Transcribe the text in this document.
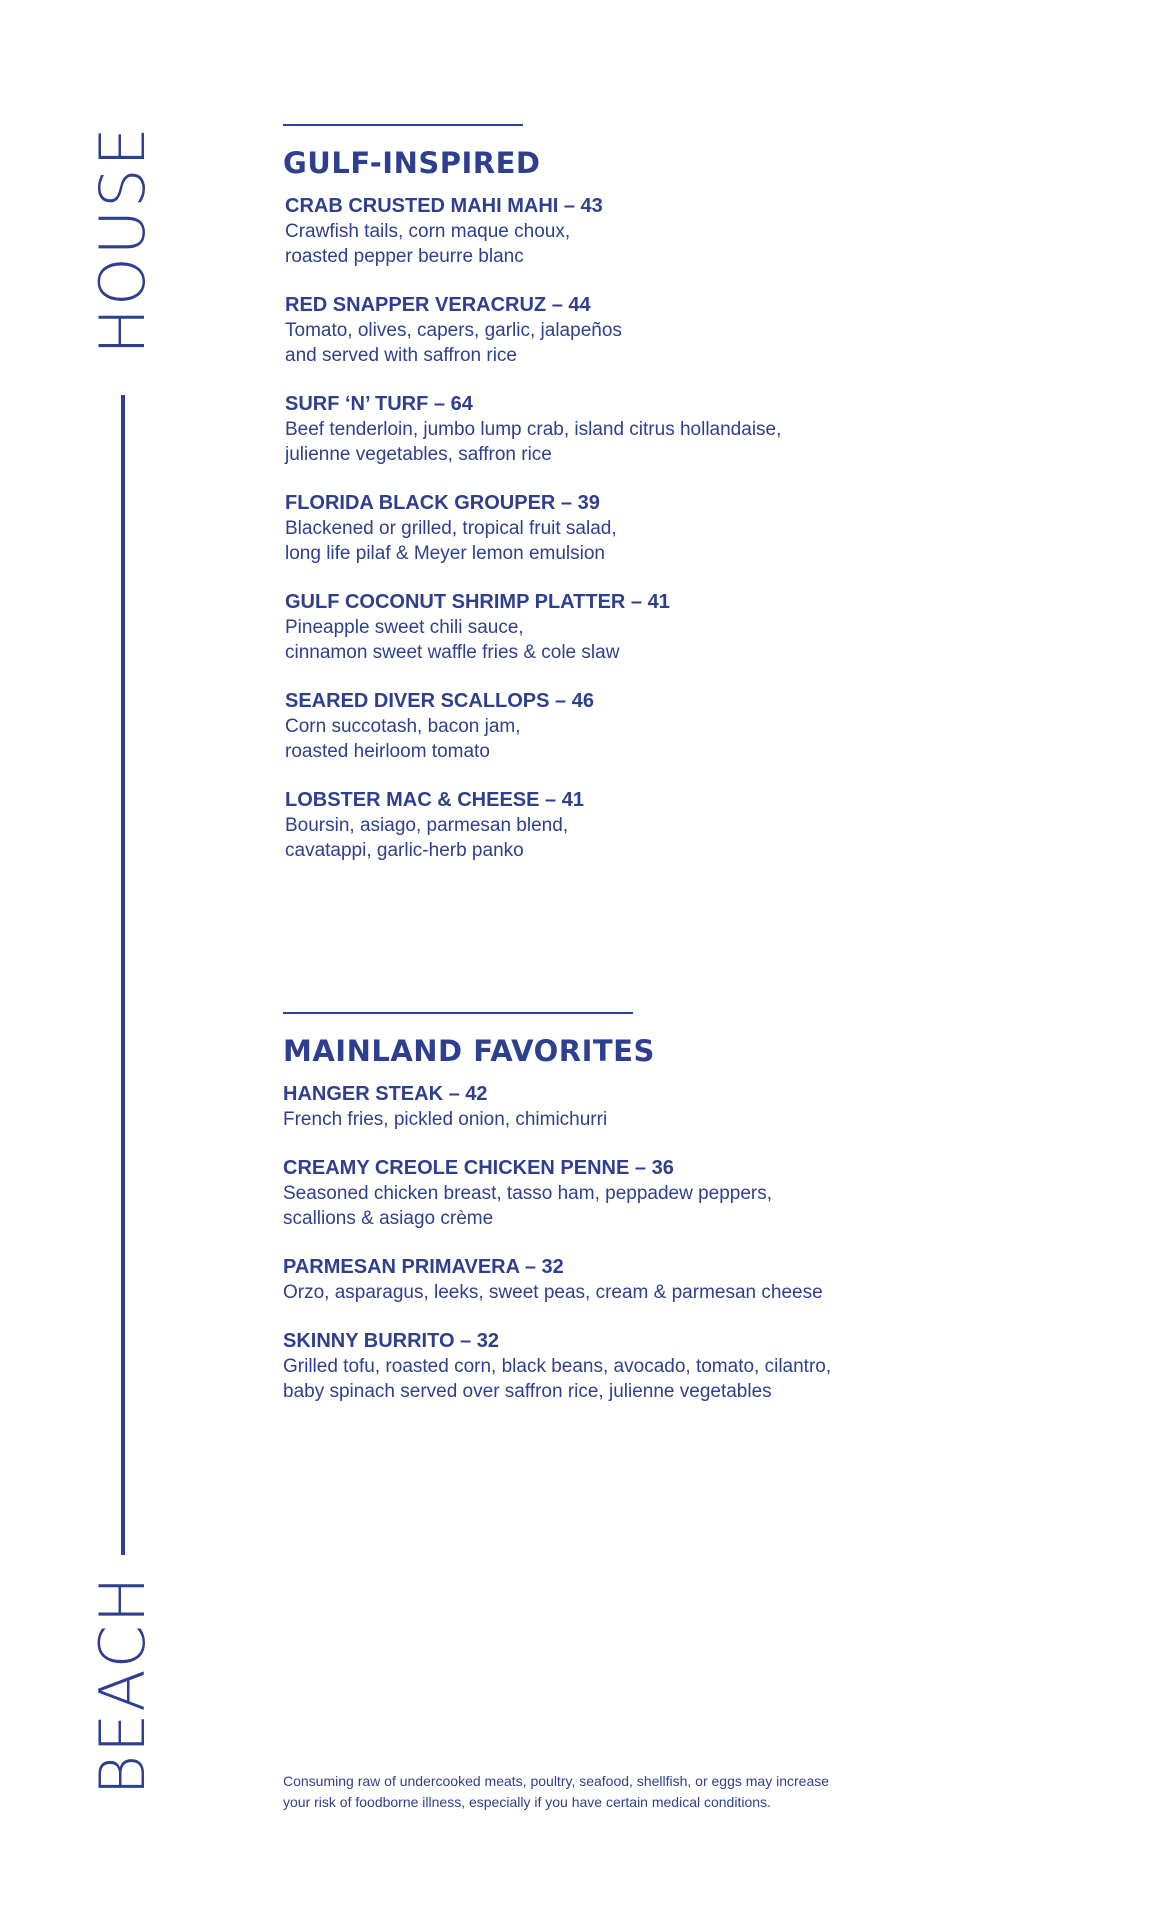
HOUSE
BEACH
GULF-INSPIRED
CRAB CRUSTED MAHI MAHI – 43
Crawfish tails, corn maque choux,
roasted pepper beurre blanc
RED SNAPPER VERACRUZ – 44
Tomato, olives, capers, garlic, jalapeños
and served with saffron rice
SURF ‘N’ TURF – 64
Beef tenderloin, jumbo lump crab, island citrus hollandaise,
julienne vegetables, saffron rice
FLORIDA BLACK GROUPER – 39
Blackened or grilled, tropical fruit salad,
long life pilaf & Meyer lemon emulsion
GULF COCONUT SHRIMP PLATTER – 41
Pineapple sweet chili sauce,
cinnamon sweet waffle fries & cole slaw
SEARED DIVER SCALLOPS – 46
Corn succotash, bacon jam,
roasted heirloom tomato
LOBSTER MAC & CHEESE – 41
Boursin, asiago, parmesan blend,
cavatappi, garlic-herb panko
MAINLAND FAVORITES
HANGER STEAK – 42
French fries, pickled onion, chimichurri
CREAMY CREOLE CHICKEN PENNE – 36
Seasoned chicken breast, tasso ham, peppadew peppers,
scallions & asiago crème
PARMESAN PRIMAVERA – 32
Orzo, asparagus, leeks, sweet peas, cream & parmesan cheese
SKINNY BURRITO – 32
Grilled tofu, roasted corn, black beans, avocado, tomato, cilantro,
baby spinach served over saffron rice, julienne vegetables
Consuming raw of undercooked meats, poultry, seafood, shellfish, or eggs may increase
your risk of foodborne illness, especially if you have certain medical conditions.
